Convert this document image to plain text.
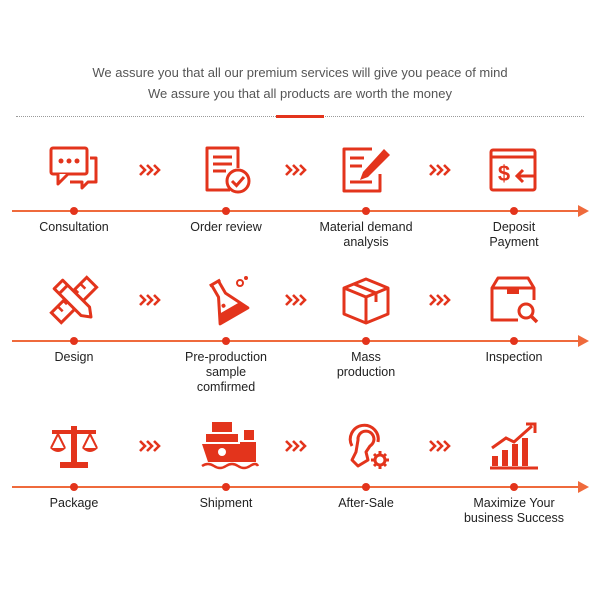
We assure you that all our premium services will give you peace of mind
We assure you that all products are worth the money
Consultation	Order review	Material demand
analysis
$
Deposit
Payment
Design	Pre-production
sample
comfirmed
Mass
production
Inspection
Package	Shipment	After-Sale	Maximize Your
business Success
